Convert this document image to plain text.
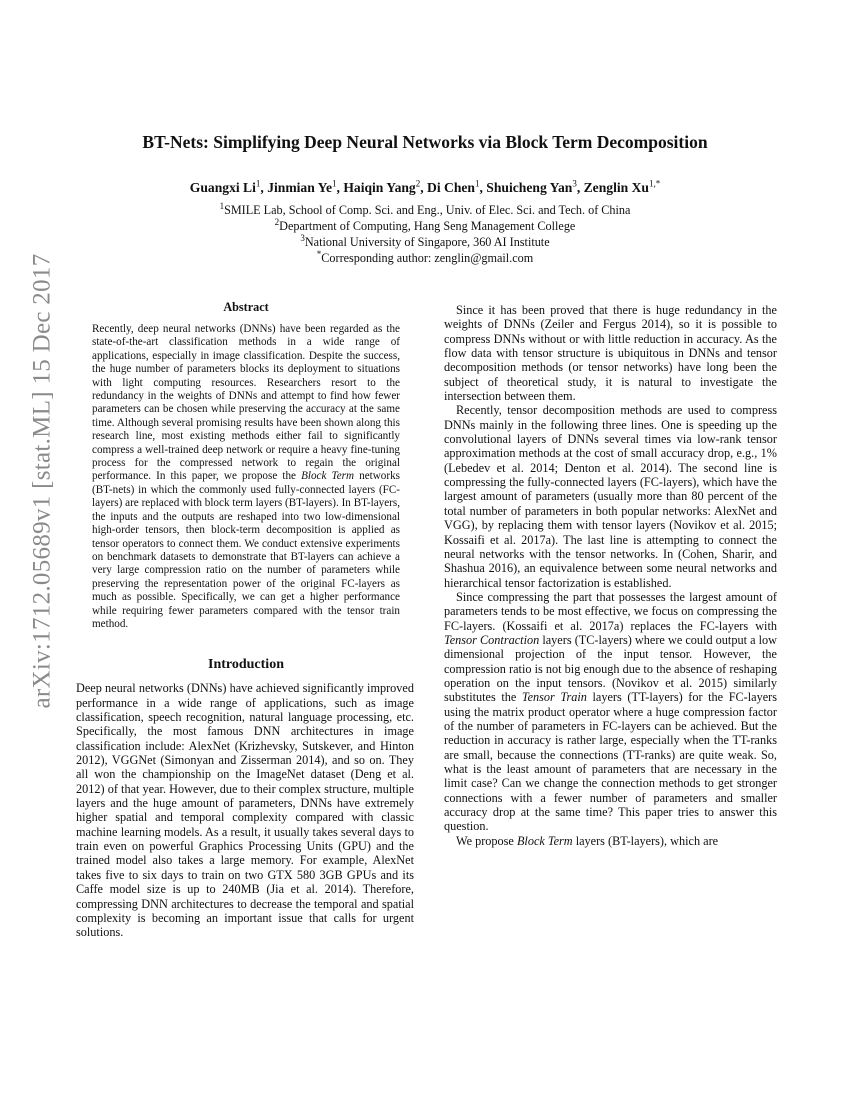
arXiv:1712.05689v1 [stat.ML] 15 Dec 2017
BT-Nets: Simplifying Deep Neural Networks via Block Term Decomposition
Guangxi Li$^1$, Jinmian Ye$^1$, Haiqin Yang$^2$, Di Chen$^1$, Shuicheng Yan$^3$, Zenglin $Xu^{1,*}$
$^1$SMILE Lab, School of Comp. Sci. and Eng., Univ. of Elec. Sci. and Tech. of China
$^2$Department of Computing, Hang Seng Management College
$^3$National University of Singapore, 360 AI Institute
*Corresponding author: zenglin@gmail.com
Abstract

Recently, deep neural networks (DNNs) have been regarded as the state-of-the-art classification methods in a wide range of applications, especially in image classification. Despite the success, the huge number of parameters blocks its deployment to situations with light computing resources. Researchers resort to the redundancy in the weights of DNNs and attempt to find how fewer parameters can be chosen while preserving the accuracy at the same time. Although several promising results have been shown along this research line, most existing methods either fail to significantly compress a well-trained deep network or require a heavy fine-tuning process for the compressed network to regain the original performance. In this paper, we propose the Block Term networks (BT-nets) in which the commonly used fully-connected layers (FC-layers) are replaced with block term layers (BT-layers). In BT-layers, the inputs and the outputs are reshaped into two low-dimensional high-order tensors, then block-term decomposition is applied as tensor operators to connect them. We conduct extensive experiments on benchmark datasets to demonstrate that BT-layers can achieve a very large compression ratio on the number of parameters while preserving the representation power of the original FC-layers as much as possible. Specifically, we can get a higher performance while requiring fewer parameters compared with the tensor train method.

Introduction

Deep neural networks (DNNs) have achieved significantly improved performance in a wide range of applications, such as image classification, speech recognition, natural language processing, etc. Specifically, the most famous DNN architectures in image classification include: AlexNet (Krizhevsky, Sutskever, and Hinton 2012), VGGNet (Simonyan and Zisserman 2014), and so on. They all won the championship on the ImageNet dataset (Deng et al. 2012) of that year. However, due to their complex structure, multiple layers and the huge amount of parameters, DNNs have extremely higher spatial and temporal complexity compared with classic machine learning models. As a result, it usually takes several days to train even on powerful Graphics Processing Units (GPU) and the trained model also takes a large memory. For example, AlexNet takes five to six days to train on two GTX 580 3GB GPUs and its Caffe model size is up to 240MB (Jia et al. 2014). Therefore, compressing DNN architectures to decrease the temporal and spatial complexity is becoming an important issue that calls for urgent solutions.

Since it has been proved that there is huge redundancy in the weights of DNNs (Zeiler and Fergus 2014), so it is possible to compress DNNs without or with little reduction in accuracy. As the flow data with tensor structure is ubiquitous in DNNs and tensor decomposition methods (or tensor networks) have long been the subject of theoretical study, it is natural to investigate the intersection between them.

Recently, tensor decomposition methods are used to compress DNNs mainly in the following three lines. One is speeding up the convolutional layers of DNNs several times via low-rank tensor approximation methods at the cost of small accuracy drop, e.g., 1% (Lebedev et al. 2014; Denton et al. 2014). The second line is compressing the fully-connected layers (FC-layers), which have the largest amount of parameters (usually more than 80 percent of the total number of parameters in both popular networks: AlexNet and VGG), by replacing them with tensor layers (Novikov et al. 2015; Kossaifi et al. 2017a). The last line is attempting to connect the neural networks with the tensor networks. In (Cohen, Sharir, and Shashua 2016), an equivalence between some neural networks and hierarchical tensor factorization is established.

Since compressing the part that possesses the largest amount of parameters tends to be most effective, we focus on compressing the FC-layers. (Kossaifi et al. 2017a) replaces the FC-layers with Tensor Contraction layers (TC-layers) where we could output a low dimensional projection of the input tensor. However, the compression ratio is not big enough due to the absence of reshaping operation on the input tensors. (Novikov et al. 2015) similarly substitutes the Tensor Train layers (TT-layers) for the FC-layers using the matrix product operator where a huge compression factor of the number of parameters in FC-layers can be achieved. But the reduction in accuracy is rather large, especially when the TT-ranks are small, because the connections (TT-ranks) are quite weak. So, what is the least amount of parameters that are necessary in the limit case? Can we change the connection methods to get stronger connections with a fewer number of parameters and smaller accuracy drop at the same time? This paper tries to answer this question.

We propose Block Term layers (BT-layers), which are
